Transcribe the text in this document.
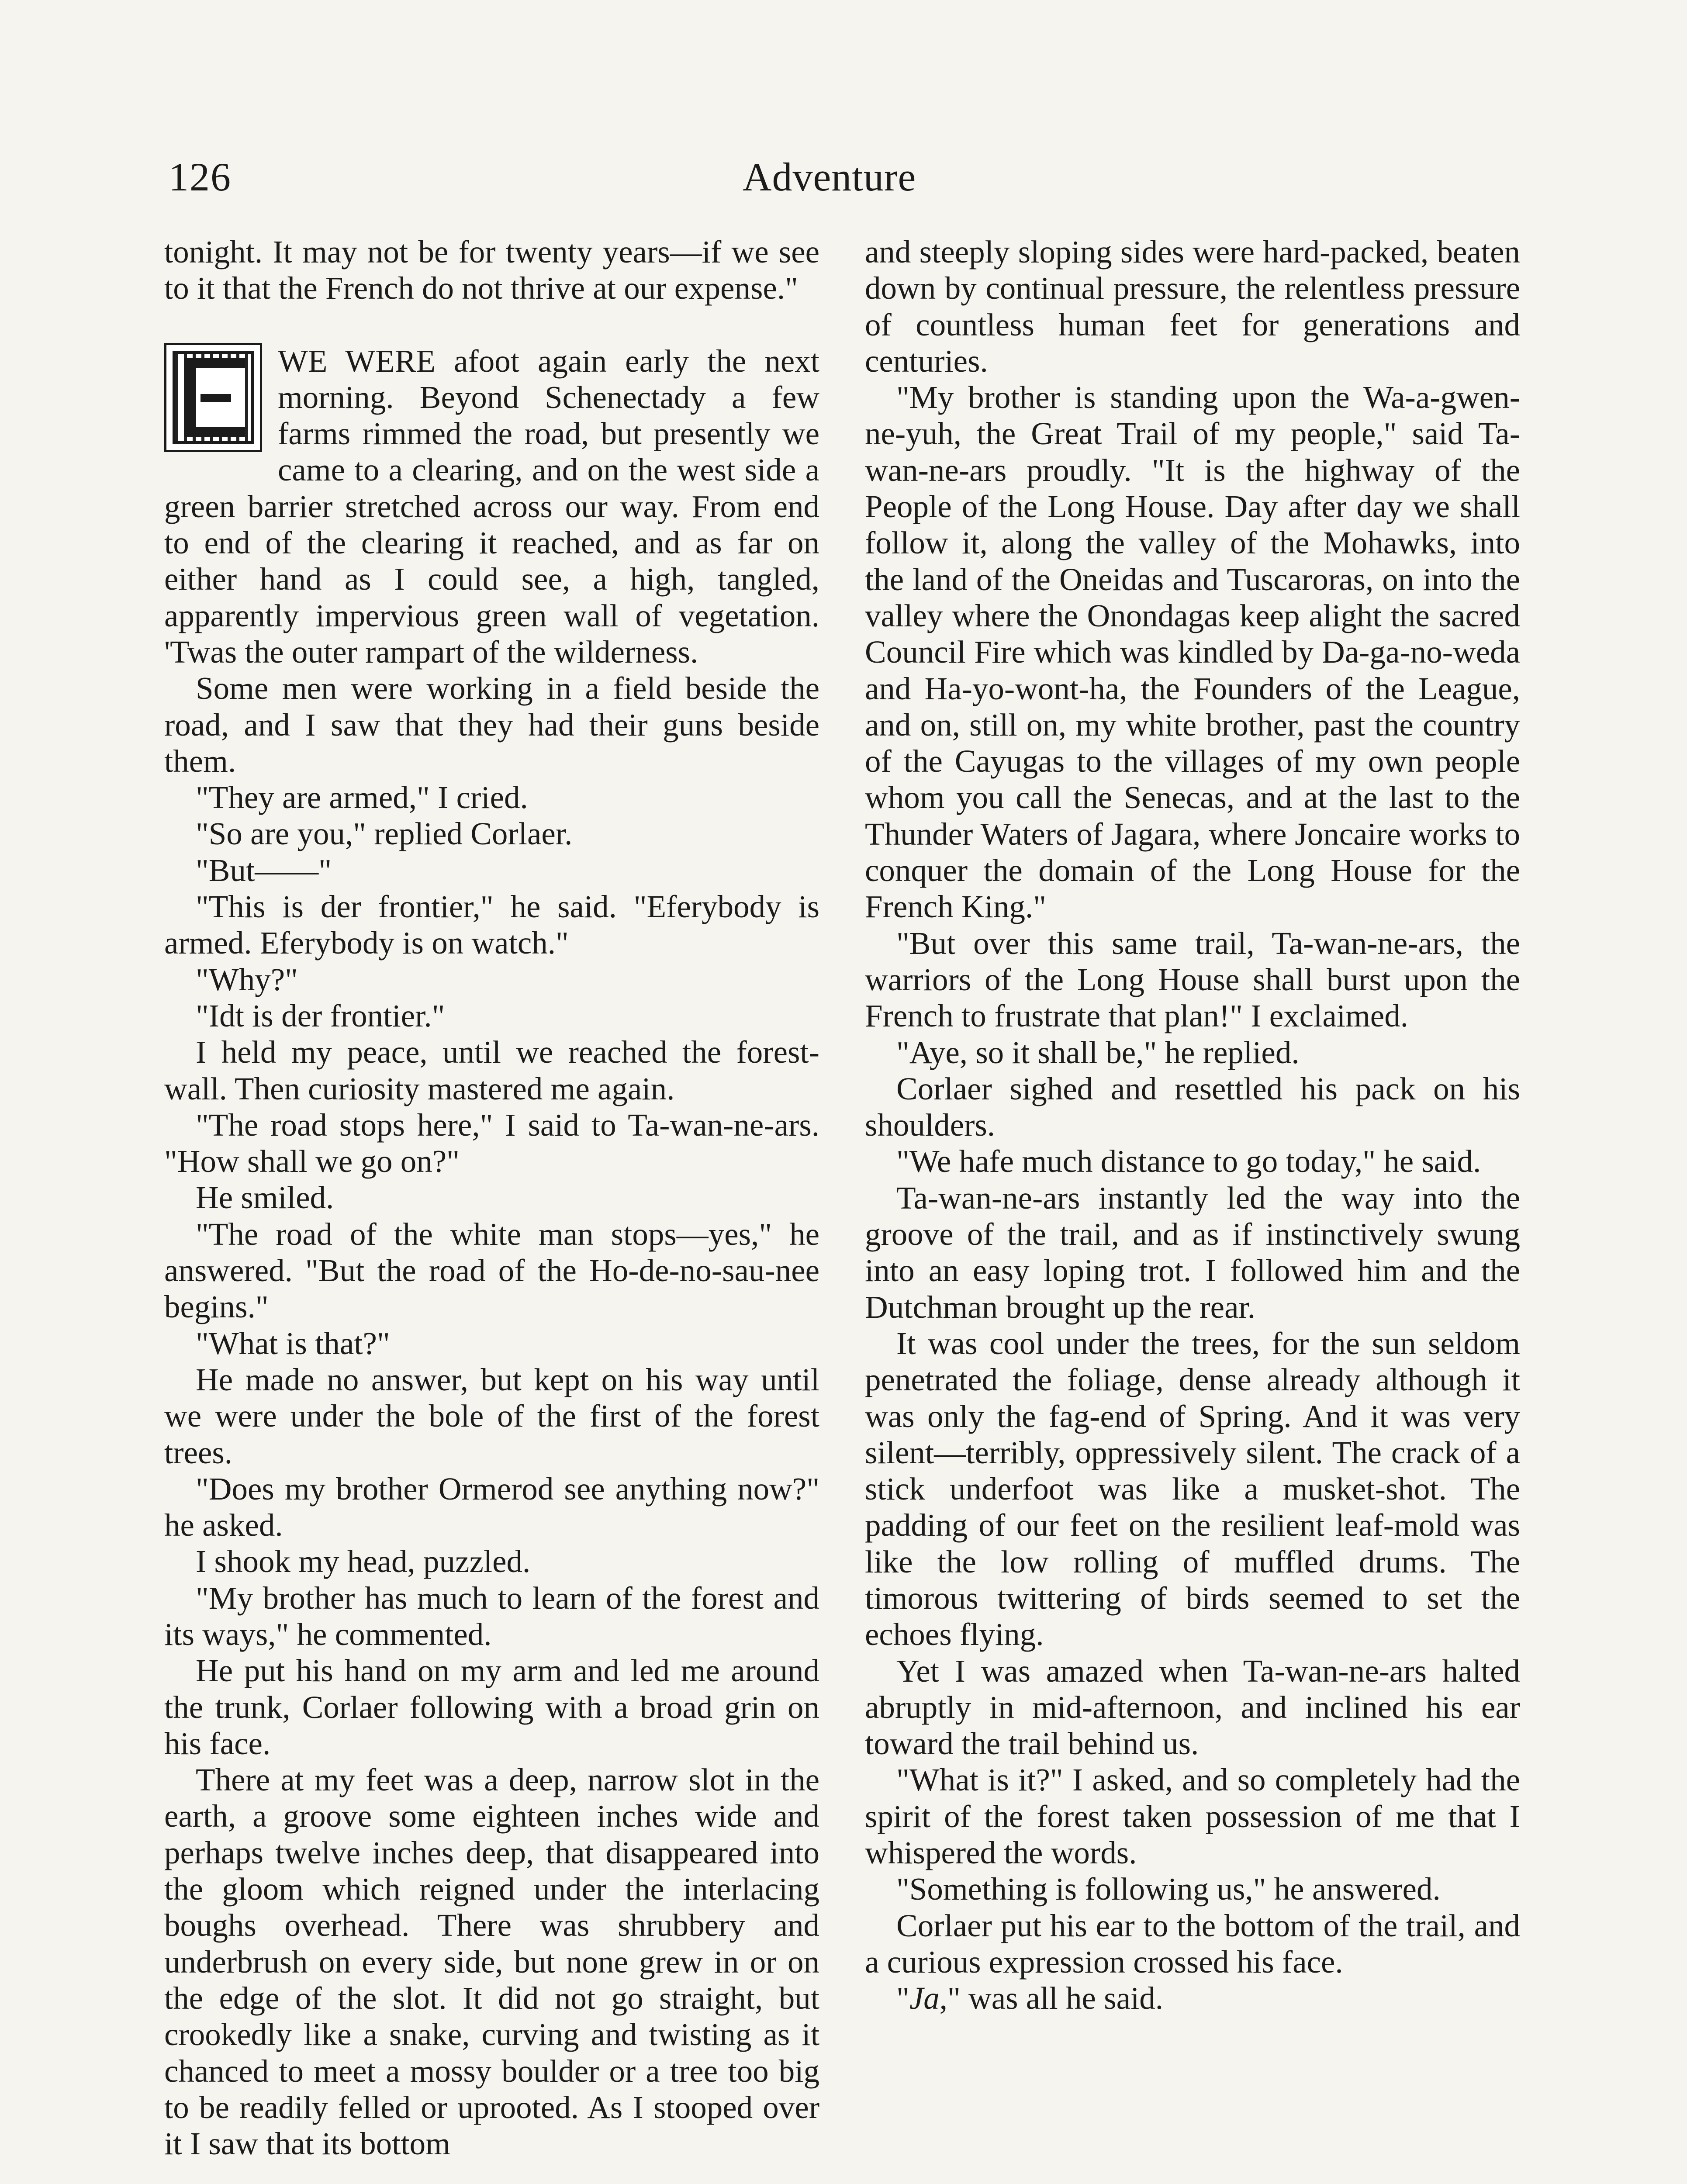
126	Adventure

tonight. It may not be for twenty years—if we see to it that the French do not thrive at our expense."

WE WERE afoot again early the next morning. Beyond Schenectady a few farms rimmed the road, but presently we came to a clearing, and on the west side a green barrier stretched across our way. From end to end of the clearing it reached, and as far on either hand as I could see, a high, tangled, apparently impervious green wall of vegetation. 'Twas the outer rampart of the wilderness.

Some men were working in a field beside the road, and I saw that they had their guns beside them.

"They are armed," I cried.

"So are you," replied Corlaer.

"But——"

"This is der frontier," he said. "Eferybody is armed. Eferybody is on watch."

"Why?"

"Idt is der frontier."

I held my peace, until we reached the forest-wall. Then curiosity mastered me again.

"The road stops here," I said to Ta-wan-ne-ars. "How shall we go on?"

He smiled.

"The road of the white man stops—yes," he answered. "But the road of the Ho-de-no-sau-nee begins."

"What is that?"

He made no answer, but kept on his way until we were under the bole of the first of the forest trees.

"Does my brother Ormerod see anything now?" he asked.

I shook my head, puzzled.

"My brother has much to learn of the forest and its ways," he commented.

He put his hand on my arm and led me around the trunk, Corlaer following with a broad grin on his face.

There at my feet was a deep, narrow slot in the earth, a groove some eighteen inches wide and perhaps twelve inches deep, that disappeared into the gloom which reigned under the interlacing boughs overhead. There was shrubbery and underbrush on every side, but none grew in or on the edge of the slot. It did not go straight, but crookedly like a snake, curving and twisting as it chanced to meet a mossy boulder or a tree too big to be readily felled or uprooted. As I stooped over it I saw that its bottom

and steeply sloping sides were hard-packed, beaten down by continual pressure, the relentless pressure of countless human feet for generations and centuries.

"My brother is standing upon the Wa-a-gwen-ne-yuh, the Great Trail of my people," said Ta-wan-ne-ars proudly. "It is the highway of the People of the Long House. Day after day we shall follow it, along the valley of the Mohawks, into the land of the Oneidas and Tuscaroras, on into the valley where the Onondagas keep alight the sacred Council Fire which was kindled by Da-ga-no-weda and Ha-yo-wont-ha, the Founders of the League, and on, still on, my white brother, past the country of the Cayugas to the villages of my own people whom you call the Senecas, and at the last to the Thunder Waters of Jagara, where Joncaire works to conquer the domain of the Long House for the French King."

"But over this same trail, Ta-wan-ne-ars, the warriors of the Long House shall burst upon the French to frustrate that plan!" I exclaimed.

"Aye, so it shall be," he replied.

Corlaer sighed and resettled his pack on his shoulders.

"We hafe much distance to go today," he said.

Ta-wan-ne-ars instantly led the way into the groove of the trail, and as if instinctively swung into an easy loping trot. I followed him and the Dutchman brought up the rear.

It was cool under the trees, for the sun seldom penetrated the foliage, dense already although it was only the fag-end of Spring. And it was very silent—terribly, oppressively silent. The crack of a stick underfoot was like a musket-shot. The padding of our feet on the resilient leaf-mold was like the low rolling of muffled drums. The timorous twittering of birds seemed to set the echoes flying.

Yet I was amazed when Ta-wan-ne-ars halted abruptly in mid-afternoon, and inclined his ear toward the trail behind us.

"What is it?" I asked, and so completely had the spirit of the forest taken possession of me that I whispered the words.

"Something is following us," he answered.

Corlaer put his ear to the bottom of the trail, and a curious expression crossed his face.

"Ja," was all he said.
